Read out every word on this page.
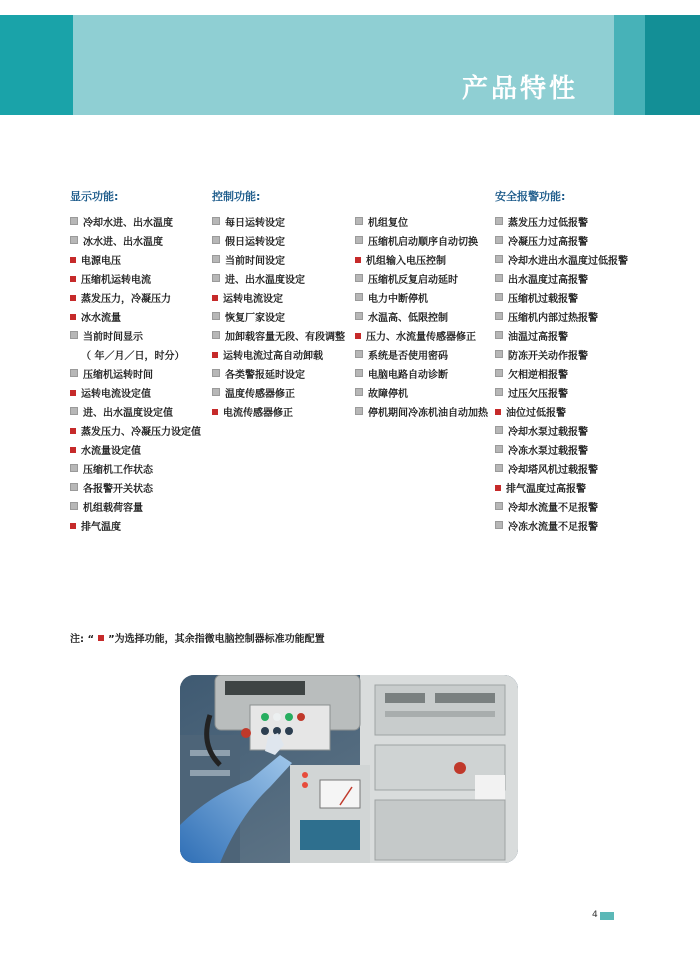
产品特性
显示功能:
冷却水进、出水温度
冰水进、出水温度
电源电压
压缩机运转电流
蒸发压力，冷凝压力
冰水流量
当前时间显示
（ 年／月／日，时分）
压缩机运转时间
运转电流设定值
进、出水温度设定值
蒸发压力、冷凝压力设定值
水流量设定值
压缩机工作状态
各报警开关状态
机组载荷容量
排气温度
控制功能:
每日运转设定
假日运转设定
当前时间设定
进、出水温度设定
运转电流设定
恢复厂家设定
加卸载容量无段、有段调整
运转电流过高自动卸载
各类警报延时设定
温度传感器修正
电流传感器修正
机组复位
压缩机启动顺序自动切换
机组输入电压控制
压缩机反复启动延时
电力中断停机
水温高、低限控制
压力、水流量传感器修正
系统是否使用密码
电脑电路自动诊断
故障停机
停机期间冷冻机油自动加热
安全报警功能:
蒸发压力过低报警
冷凝压力过高报警
冷却水进出水温度过低报警
出水温度过高报警
压缩机过载报警
压缩机内部过热报警
油温过高报警
防冻开关动作报警
欠相逆相报警
过压欠压报警
油位过低报警
冷却水泵过载报警
冷冻水泵过载报警
冷却塔风机过载报警
排气温度过高报警
冷却水流量不足报警
冷冻水流量不足报警
注: “ ”为选择功能，其余指微电脑控制器标准功能配置
4
